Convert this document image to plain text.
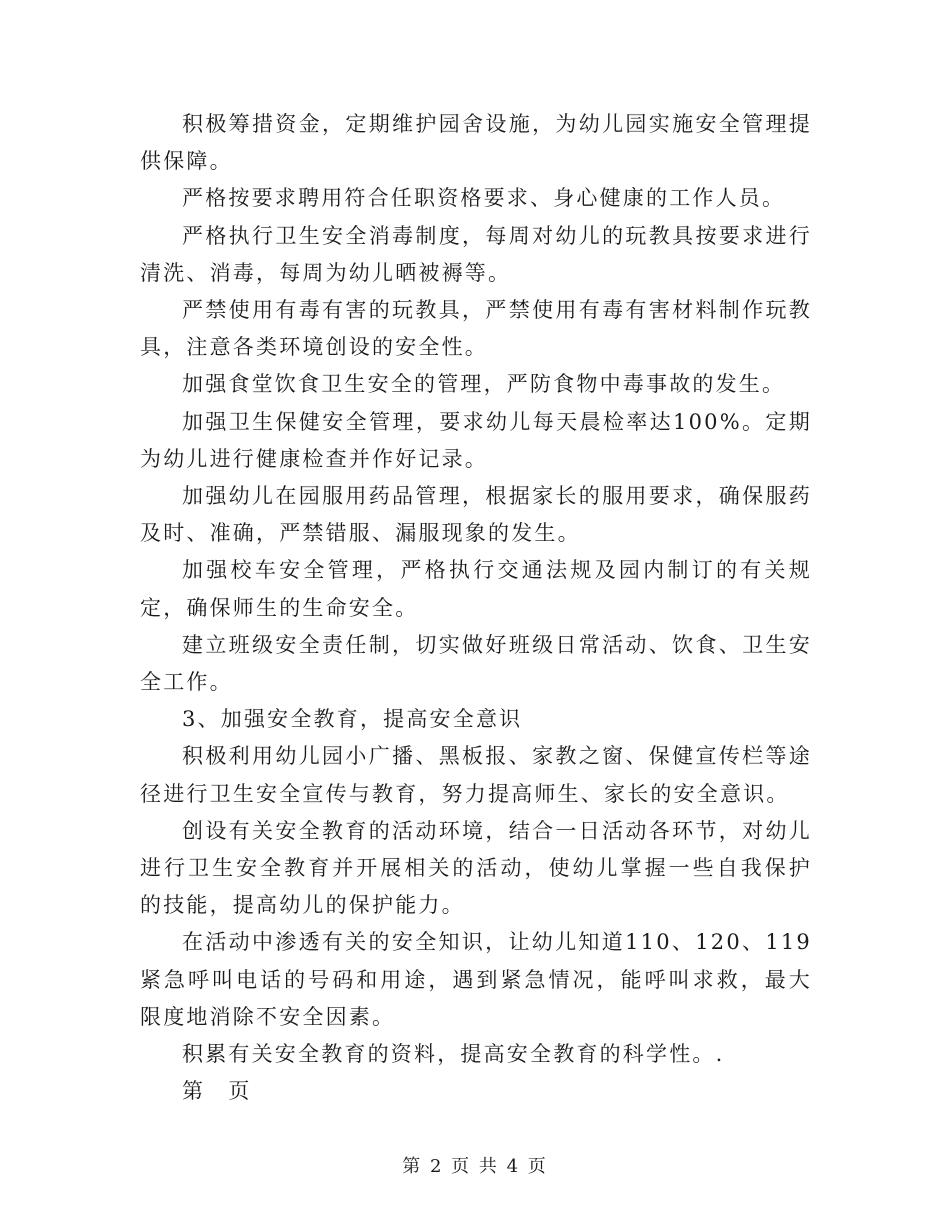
积极筹措资金，定期维护园舍设施，为幼儿园实施安全管理提供保障。

严格按要求聘用符合任职资格要求、身心健康的工作人员。

严格执行卫生安全消毒制度，每周对幼儿的玩教具按要求进行清洗、消毒，每周为幼儿晒被褥等。

严禁使用有毒有害的玩教具，严禁使用有毒有害材料制作玩教具，注意各类环境创设的安全性。

加强食堂饮食卫生安全的管理，严防食物中毒事故的发生。

加强卫生保健安全管理，要求幼儿每天晨检率达100%。定期为幼儿进行健康检查并作好记录。

加强幼儿在园服用药品管理，根据家长的服用要求，确保服药及时、准确，严禁错服、漏服现象的发生。

加强校车安全管理，严格执行交通法规及园内制订的有关规定，确保师生的生命安全。

建立班级安全责任制，切实做好班级日常活动、饮食、卫生安全工作。

3、加强安全教育，提高安全意识

积极利用幼儿园小广播、黑板报、家教之窗、保健宣传栏等途径进行卫生安全宣传与教育，努力提高师生、家长的安全意识。

创设有关安全教育的活动环境，结合一日活动各环节，对幼儿进行卫生安全教育并开展相关的活动，使幼儿掌握一些自我保护的技能，提高幼儿的保护能力。

在活动中渗透有关的安全知识，让幼儿知道110、120、119紧急呼叫电话的号码和用途，遇到紧急情况，能呼叫求救，最大限度地消除不安全因素。

积累有关安全教育的资料，提高安全教育的科学性。.

第　页

第 2 页 共 4 页
